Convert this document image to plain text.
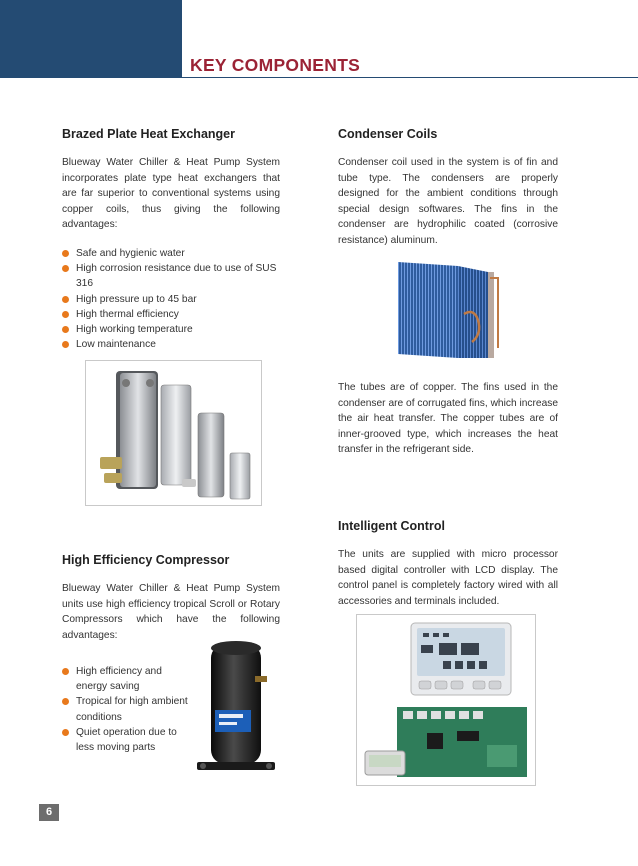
KEY COMPONENTS
Brazed Plate Heat Exchanger
Blueway Water Chiller & Heat Pump System incorporates plate type heat exchangers that are far superior to conventional systems using copper coils, thus giving the following advantages:
Safe and hygienic water
High corrosion resistance due to use of SUS 316
High pressure up to 45 bar
High thermal efficiency
High working temperature
Low maintenance
High Efficiency Compressor
Blueway Water Chiller & Heat Pump System units use high efficiency tropical Scroll or Rotary Compressors which have the following advantages:
High efficiency and energy saving
Tropical for high ambient conditions
Quiet operation due to less moving parts
Condenser Coils
Condenser coil used in the system is of fin and tube type. The condensers are properly designed for the ambient conditions through special design softwares. The fins in the condenser are hydrophilic coated (corrosive resistance) aluminum.
The tubes are of copper. The fins used in the condenser are of corrugated fins, which increase the air heat transfer. The copper tubes are of inner-grooved type, which increases the heat transfer in the refrigerant side.
Intelligent Control
The units are supplied with micro processor based digital controller with LCD display. The control panel is completely factory wired with all accessories and terminals included.
6
